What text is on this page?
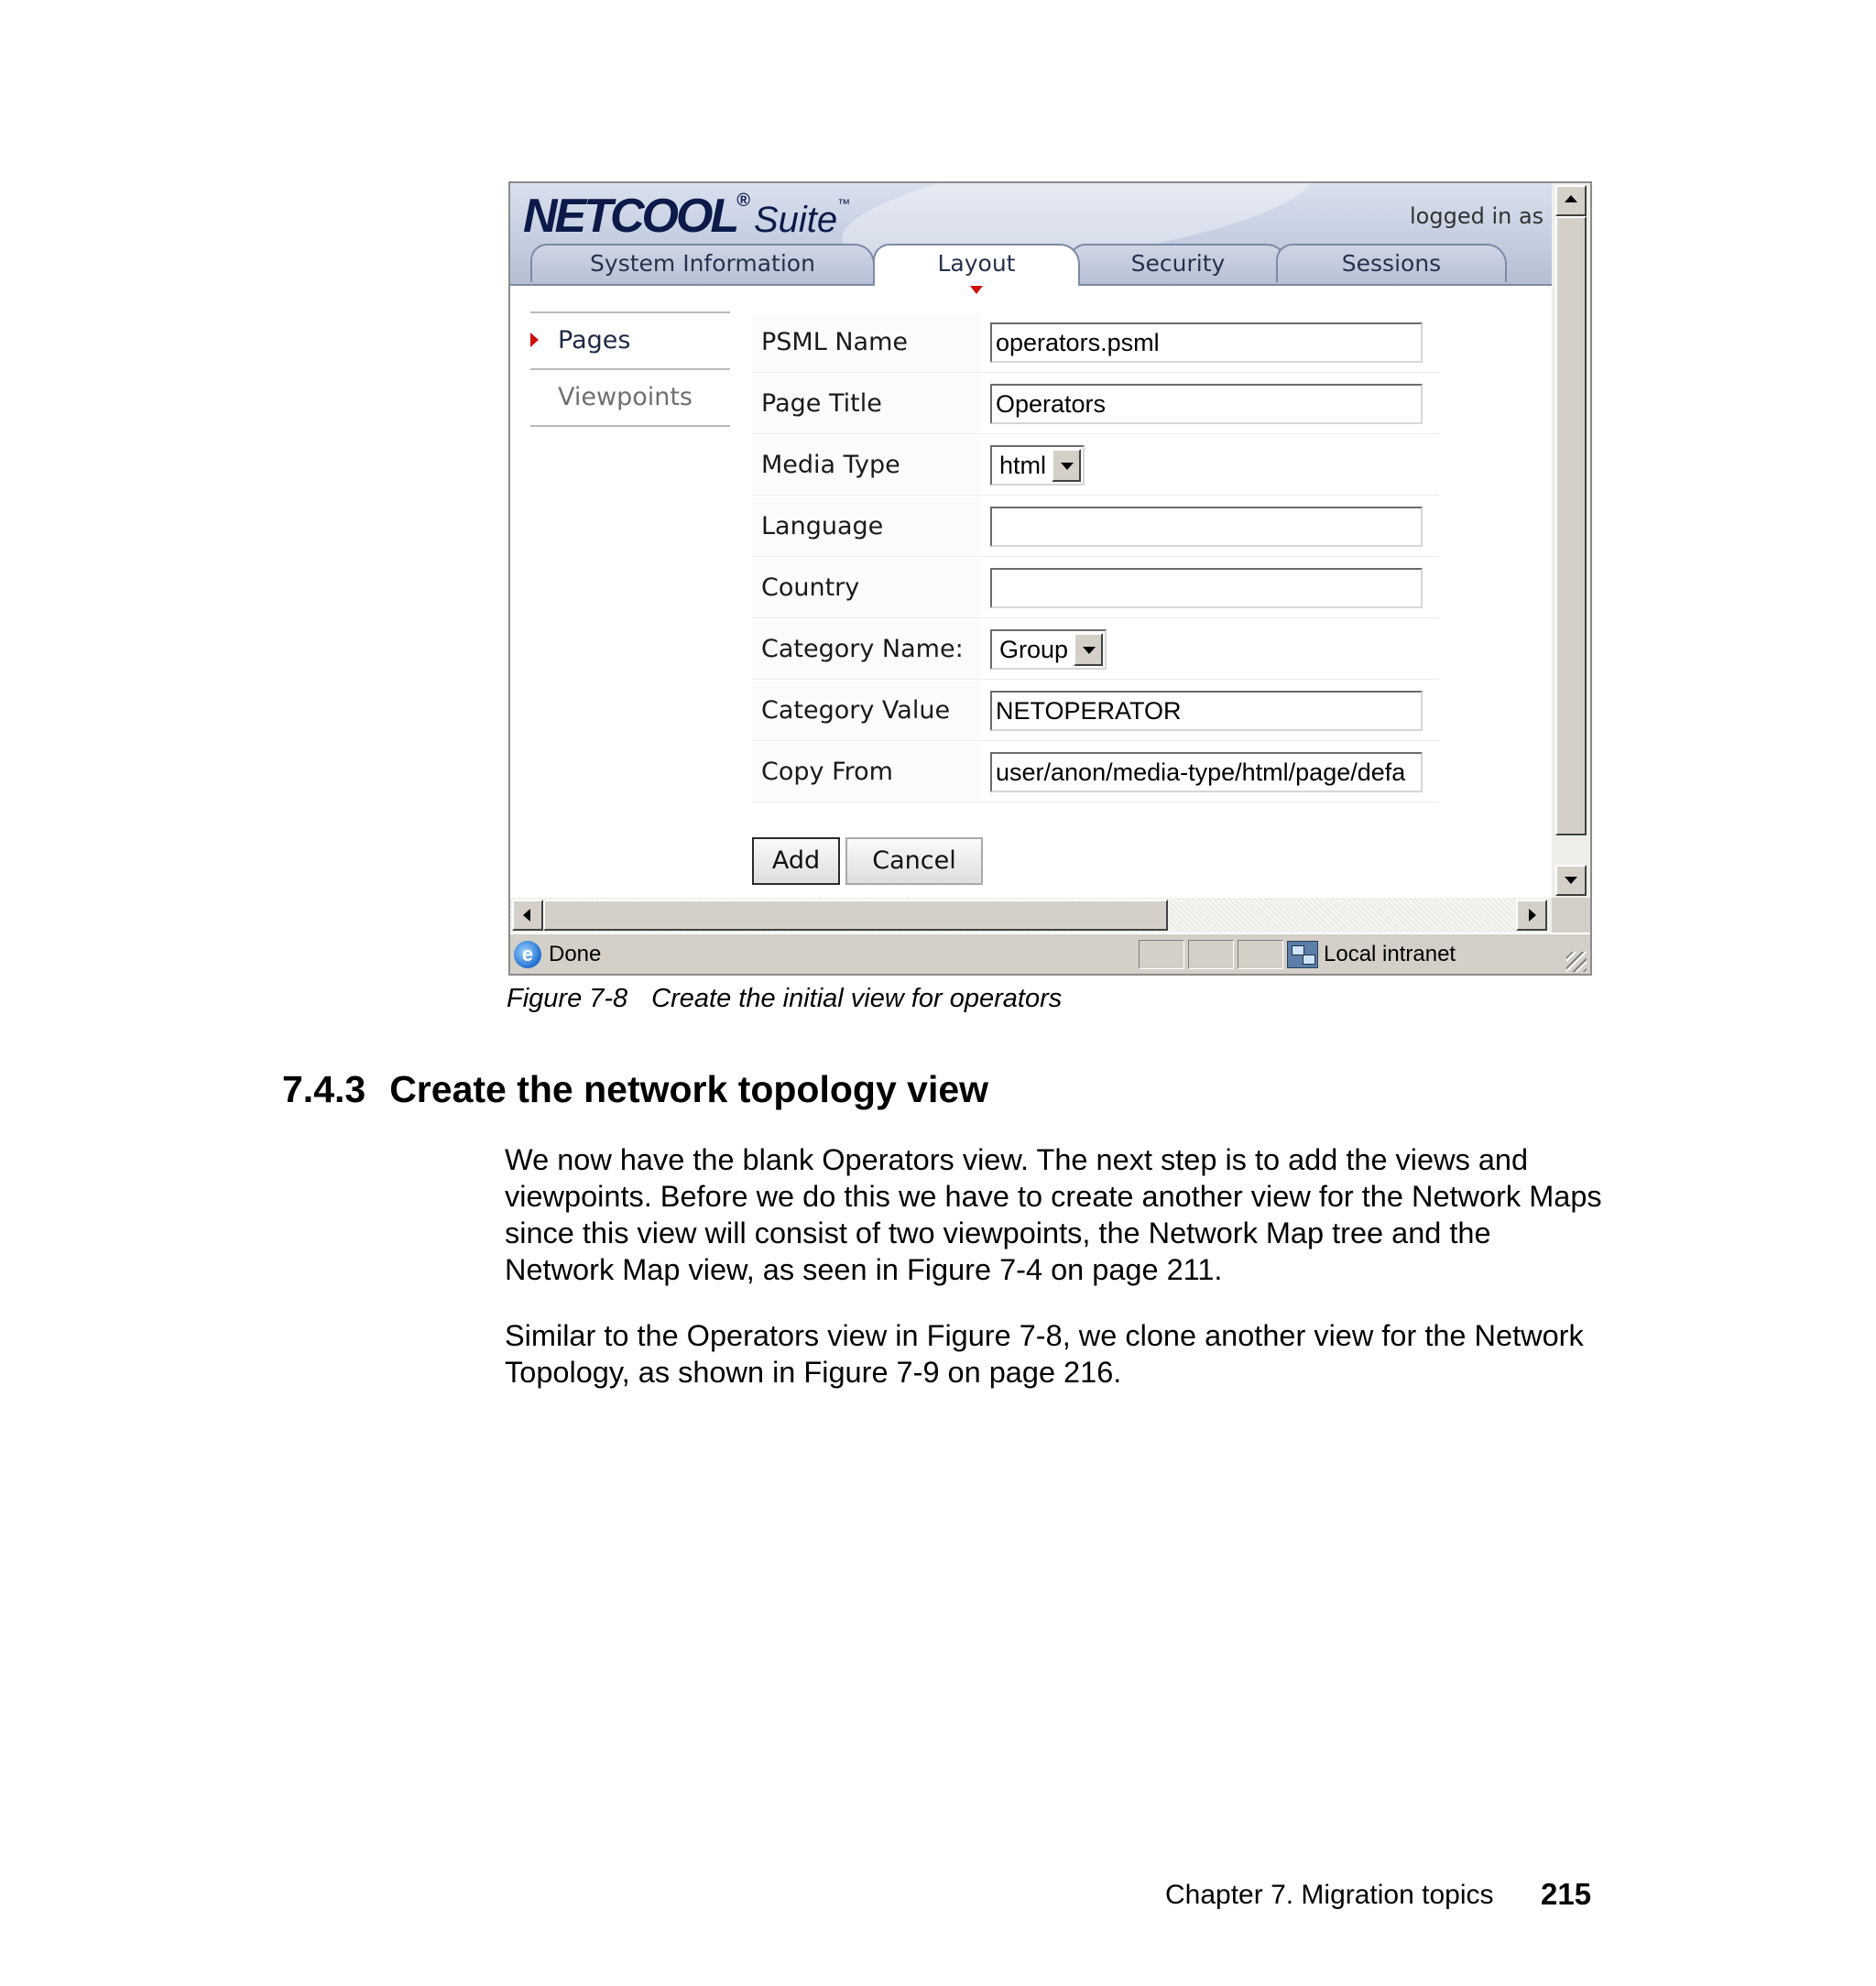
NETCOOL® Suite™	logged in as
System Information	Layout	Security	Sessions
Pages
Viewpoints
PSML Name	operators.psml
Page Title	Operators
Media Type	html
Language
Country
Category Name:	Group
Category Value	NETOPERATOR
Copy From	user/anon/media-type/html/page/defa
Add	Cancel
e Done	Local intranet
Figure 7-8 Create the initial view for operators
7.4.3 Create the network topology view

We now have the blank Operators view. The next step is to add the views and viewpoints. Before we do this we have to create another view for the Network Maps since this view will consist of two viewpoints, the Network Map tree and the Network Map view, as seen in Figure 7-4 on page 211.

Similar to the Operators view in Figure 7-8, we clone another view for the Network Topology, as shown in Figure 7-9 on page 216.

Chapter 7. Migration topics 215
